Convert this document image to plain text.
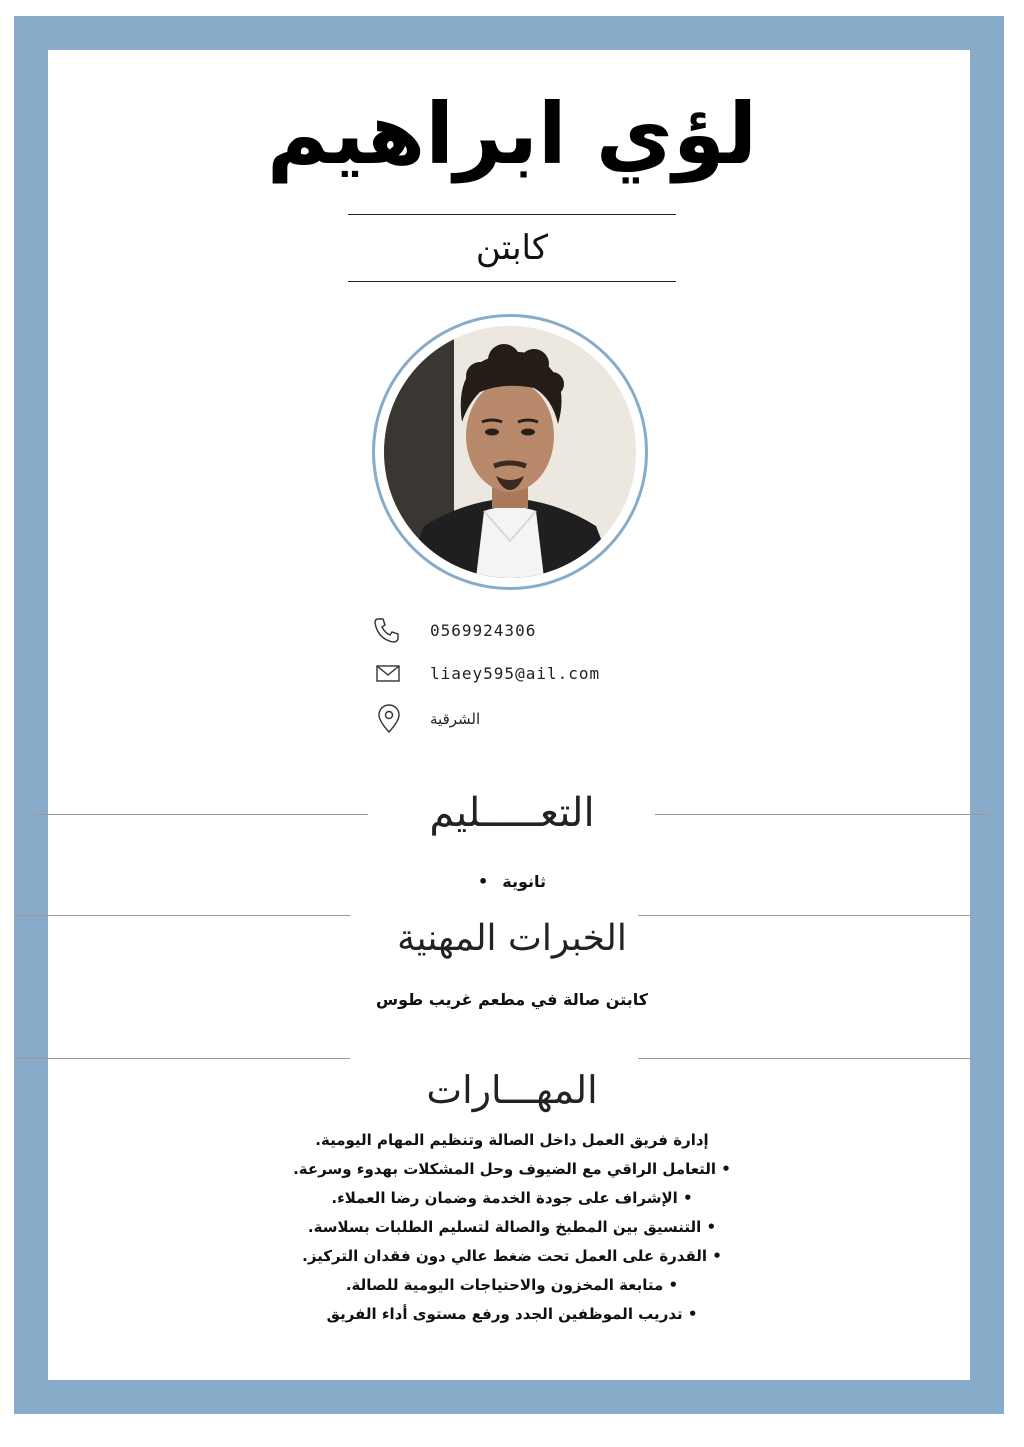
لؤي ابراهيم
كابتن
0569924306
liaey595@ail.com
الشرقية
التعـــــليم
ثانوية•
الخبرات المهنية
كابتن صالة في مطعم غريب طوس
المهـــارات
إدارة فريق العمل داخل الصالة وتنظيم المهام اليومية.
• التعامل الراقي مع الضيوف وحل المشكلات بهدوء وسرعة.
• الإشراف على جودة الخدمة وضمان رضا العملاء.
• التنسيق بين المطبخ والصالة لتسليم الطلبات بسلاسة.
• القدرة على العمل تحت ضغط عالي دون فقدان التركيز.
• متابعة المخزون والاحتياجات اليومية للصالة.
• تدريب الموظفين الجدد ورفع مستوى أداء الفريق
